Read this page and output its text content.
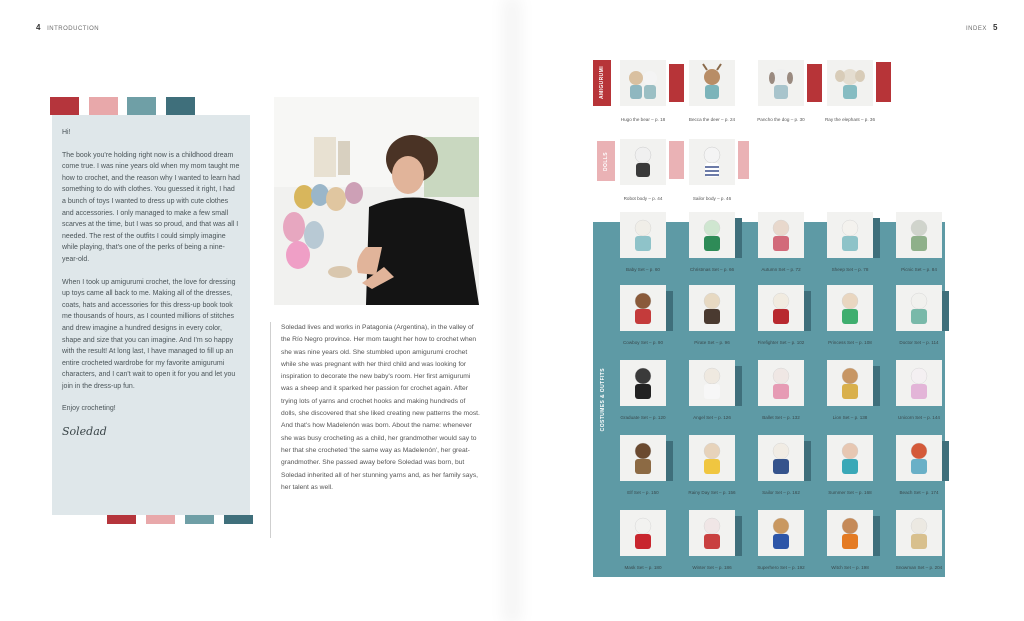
4 INTRODUCTION

Hi!

The book you're holding right now is a childhood dream come true. I was nine years old when my mom taught me how to crochet, and the reason why I wanted to learn had something to do with clothes. You guessed it right, I had a bunch of toys I wanted to dress up with cute clothes and accessories. I only managed to make a few small scarves at the time, but I was so proud, and that was all I needed. The rest of the outfits I could simply imagine while playing, that's one of the perks of being a nine-year-old.

When I took up amigurumi crochet, the love for dressing up toys came all back to me. Making all of the dresses, coats, hats and accessories for this dress-up book took me thousands of hours, as I counted millions of stitches and drew imagine a hundred designs in every color, shape and size that you can imagine. And I'm so happy with the result! At long last, I have managed to fill up an entire crocheted wardrobe for my favorite amigurumi characters, and I can't wait to open it for you and let you join in the dress-up fun.

Enjoy crocheting!

Soledad

Soledad lives and works in Patagonia (Argentina), in the valley of the Río Negro province. Her mom taught her how to crochet when she was nine years old. She stumbled upon amigurumi crochet while she was pregnant with her third child and was looking for inspiration to decorate the new baby's room. Her first amigurumi was a sheep and it sparked her passion for crochet again. After trying lots of yarns and crochet hooks and making hundreds of dolls, she discovered that she liked creating new patterns the most. And that's how Madelenón was born. About the name: whenever she was busy crocheting as a child, her grandmother would say to her that she crocheted 'the same way as Madelenón', her great-grandmother. She passed away before Soledad was born, but Soledad inherited all of her stunning yarns and, as her family says, her talent as well.

INDEX 5
AMIGURUMI
Hugo the bear – p. 18	Becca the deer – p. 24	Pancho the dog – p. 30	Ray the elephant – p. 36
DOLLS
Robot body – p. 44	Sailor body – p. 46
COSTUMES & OUTFITS
Baby Set – p. 60	Christmas Set – p. 66	Autumn Set – p. 72	Sheep Set – p. 78	Picnic Set – p. 84
Cowboy Set – p. 90	Pirate Set – p. 96	Firefighter Set – p. 102	Princess Set – p. 108	Doctor Set – p. 114
Graduate Set – p. 120	Angel Set – p. 126	Ballet Set – p. 132	Lion Set – p. 138	Unicorn Set – p. 144
Elf Set – p. 150	Rainy Day Set – p. 156	Sailor Set – p. 162	Summer Set – p. 168	Beach Set – p. 174
Mask Set – p. 180	Winter Set – p. 186	Superhero Set – p. 192	Witch Set – p. 198	Snowman Set – p. 204
